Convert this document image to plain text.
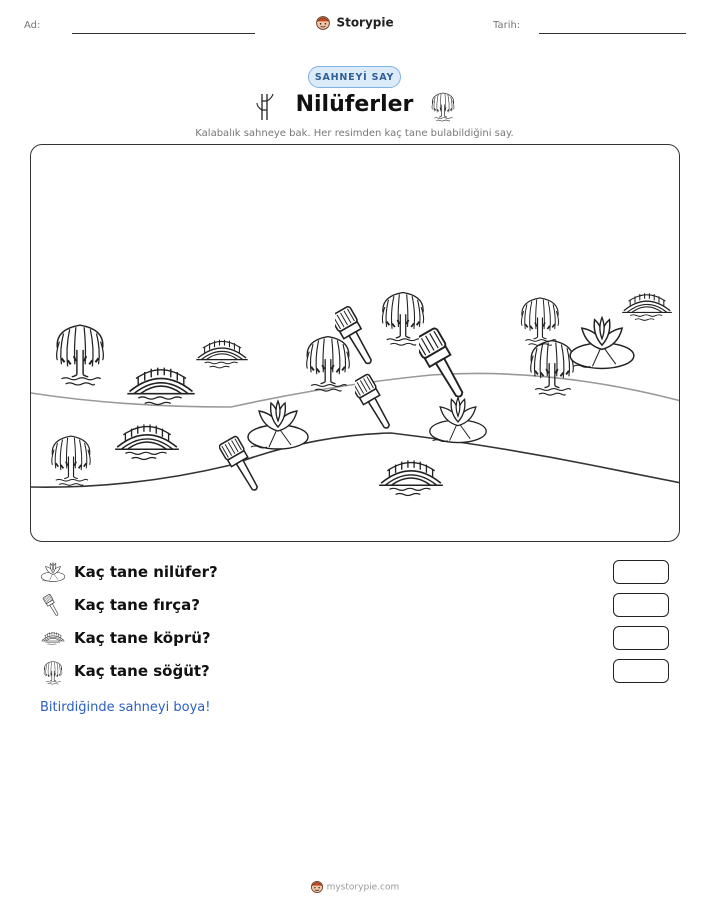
Ad:	Storypie	Tarih:
SAHNEYİ SAY
Nilüferler
Kalabalık sahneye bak. Her resimden kaç tane bulabildiğini say.
Kaç tane nilüfer?
Kaç tane fırça?
Kaç tane köprü?
Kaç tane söğüt?
Bitirdiğinde sahneyi boya!
mystorypie.com
